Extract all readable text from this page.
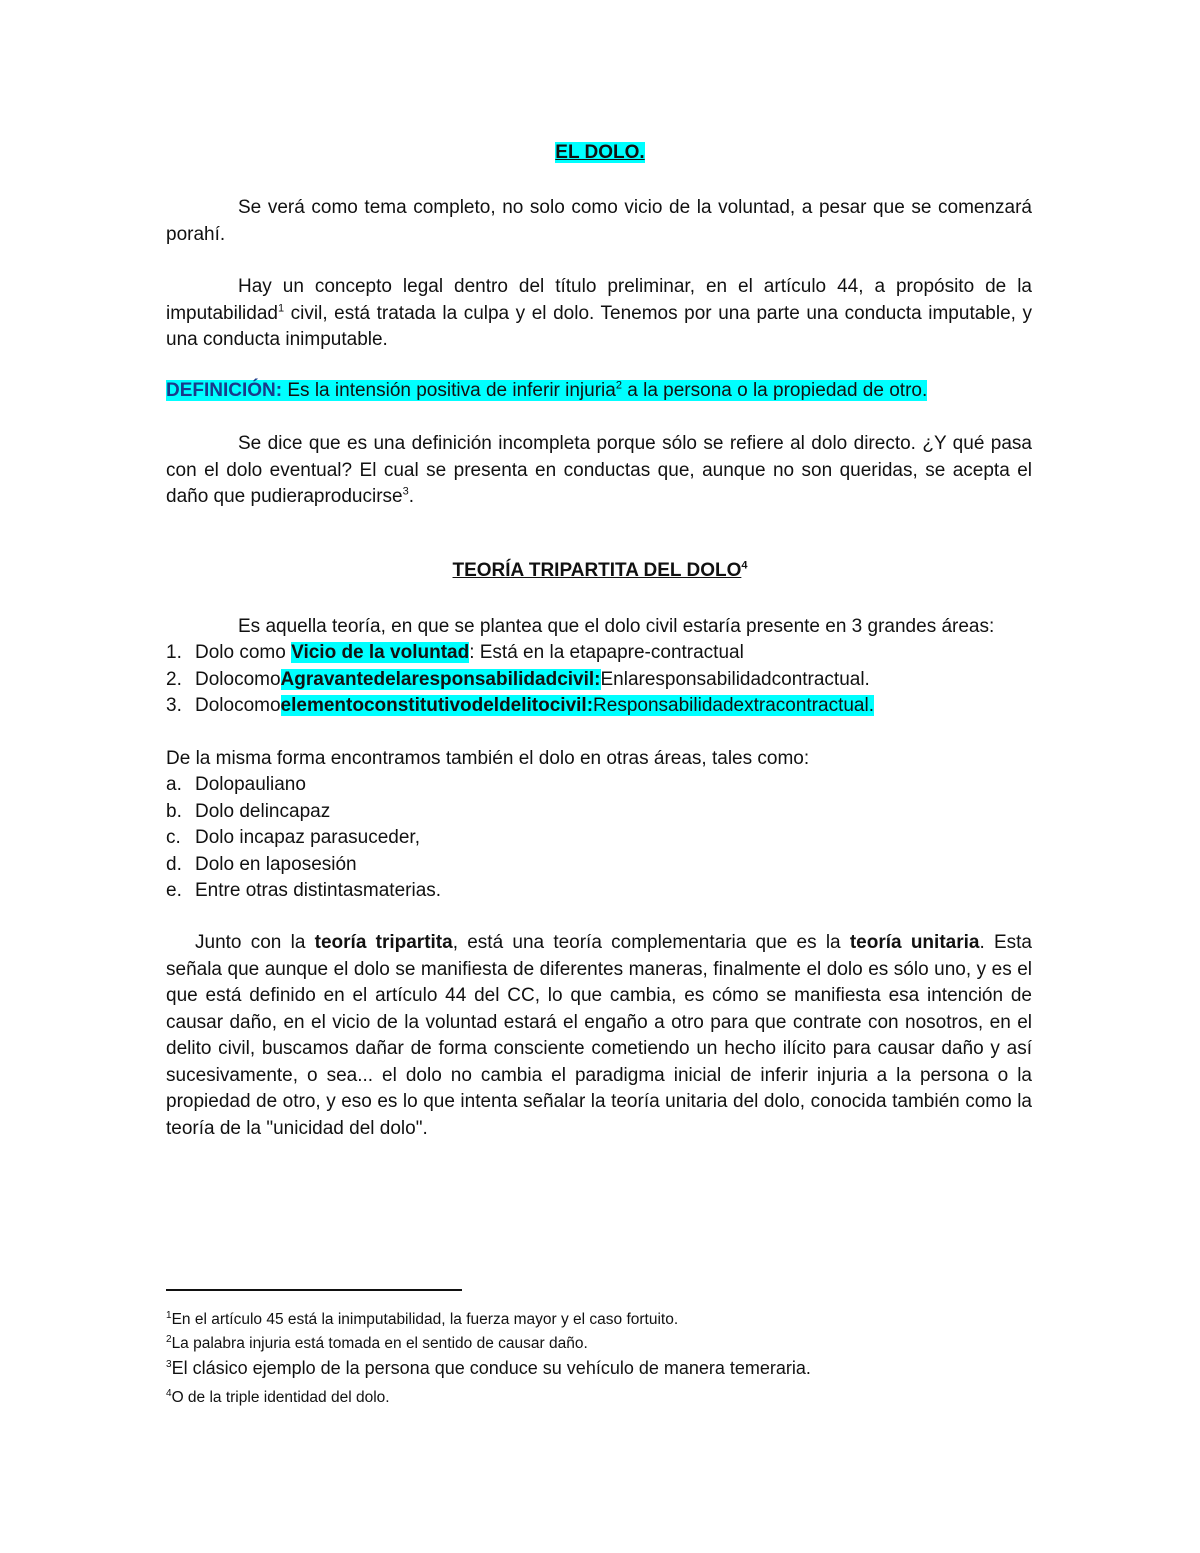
EL DOLO.
Se verá como tema completo, no solo como vicio de la voluntad, a pesar que se comenzará porahí.
Hay un concepto legal dentro del título preliminar, en el artículo 44, a propósito de la imputabilidad$^1$ civil, está tratada la culpa y el dolo. Tenemos por una parte una conducta imputable, y una conducta inimputable.
DEFINICIÓN: Es la intensión positiva de inferir injuria$^2$ a la persona o la propiedad de otro.
Se dice que es una definición incompleta porque sólo se refiere al dolo directo. ¿Y qué pasa con el dolo eventual? El cual se presenta en conductas que, aunque no son queridas, se acepta el daño que pudieraproducirse$^3$.
TEORÍA TRIPARTITA DEL DOLO$^4$
Es aquella teoría, en que se plantea que el dolo civil estaría presente en 3 grandes áreas:
1. Dolo como Vicio de la voluntad: Está en la etapapre-contractual
2. DolocomoAgravantedelaresponsabilidadcivil:Enlaresponsabilidadcontractual.
3. Dolocomoelementoconstitutivodeldelitocivil:Responsabilidadextracontractual.
De la misma forma encontramos también el dolo en otras áreas, tales como:
a. Dolopauliano
b. Dolo delincapaz
c. Dolo incapaz parasuceder,
d. Dolo en laposesión
e. Entre otras distintasmaterias.
Junto con la teoría tripartita, está una teoría complementaria que es la teoría unitaria. Esta señala que aunque el dolo se manifiesta de diferentes maneras, finalmente el dolo es sólo uno, y es el que está definido en el artículo 44 del CC, lo que cambia, es cómo se manifiesta esa intención de causar daño, en el vicio de la voluntad estará el engaño a otro para que contrate con nosotros, en el delito civil, buscamos dañar de forma consciente cometiendo un hecho ilícito para causar daño y así sucesivamente, o sea... el dolo no cambia el paradigma inicial de inferir injuria a la persona o la propiedad de otro, y eso es lo que intenta señalar la teoría unitaria del dolo, conocida también como la teoría de la "unicidad del dolo".
$^1$En el artículo 45 está la inimputabilidad, la fuerza mayor y el caso fortuito.
$^2$La palabra injuria está tomada en el sentido de causar daño.
$^3$El clásico ejemplo de la persona que conduce su vehículo de manera temeraria.
$^4$O de la triple identidad del dolo.
